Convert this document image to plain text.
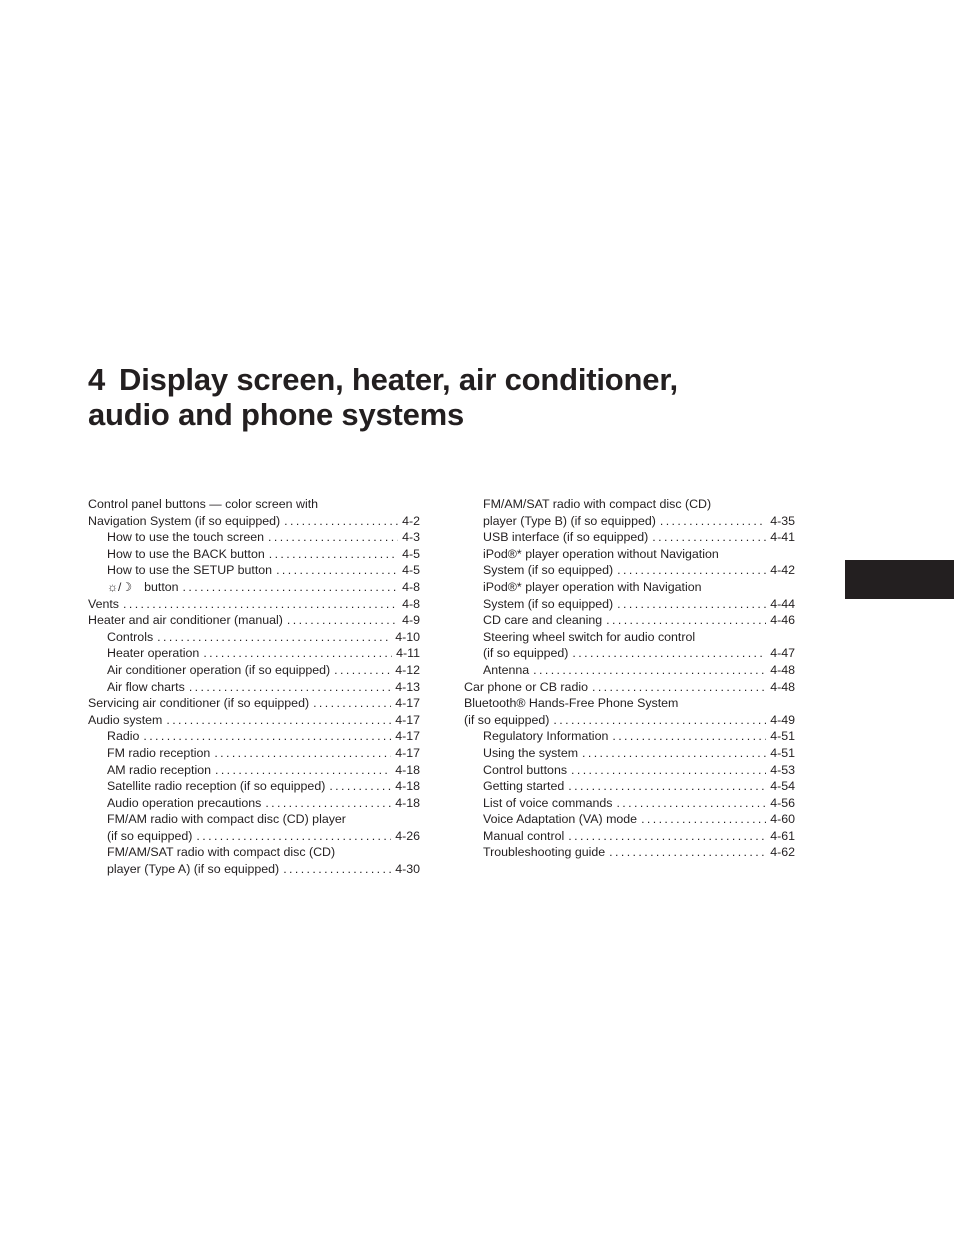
4 Display screen, heater, air conditioner,
audio and phone systems
Control panel buttons — color screen with
Navigation System (if so equipped) .....	4-2
How to use the touch screen .....	4-3
How to use the BACK button .....	4-5
How to use the SETUP button .....	4-5
☼/☽ button .....	4-8
Vents .....	4-8
Heater and air conditioner (manual) .....	4-9
Controls .....	4-10
Heater operation .....	4-11
Air conditioner operation (if so equipped) .....	4-12
Air flow charts .....	4-13
Servicing air conditioner (if so equipped) .....	4-17
Audio system .....	4-17
Radio .....	4-17
FM radio reception .....	4-17
AM radio reception .....	4-18
Satellite radio reception (if so equipped) .....	4-18
Audio operation precautions .....	4-18
FM/AM radio with compact disc (CD) player
(if so equipped) .....	4-26
FM/AM/SAT radio with compact disc (CD)
player (Type A) (if so equipped) .....	4-30
FM/AM/SAT radio with compact disc (CD)
player (Type B) (if so equipped) .....	4-35
USB interface (if so equipped) .....	4-41
iPod®* player operation without Navigation
System (if so equipped) .....	4-42
iPod®* player operation with Navigation
System (if so equipped) .....	4-44
CD care and cleaning .....	4-46
Steering wheel switch for audio control
(if so equipped) .....	4-47
Antenna .....	4-48
Car phone or CB radio .....	4-48
Bluetooth® Hands-Free Phone System
(if so equipped) .....	4-49
Regulatory Information .....	4-51
Using the system .....	4-51
Control buttons .....	4-53
Getting started .....	4-54
List of voice commands .....	4-56
Voice Adaptation (VA) mode .....	4-60
Manual control .....	4-61
Troubleshooting guide .....	4-62
